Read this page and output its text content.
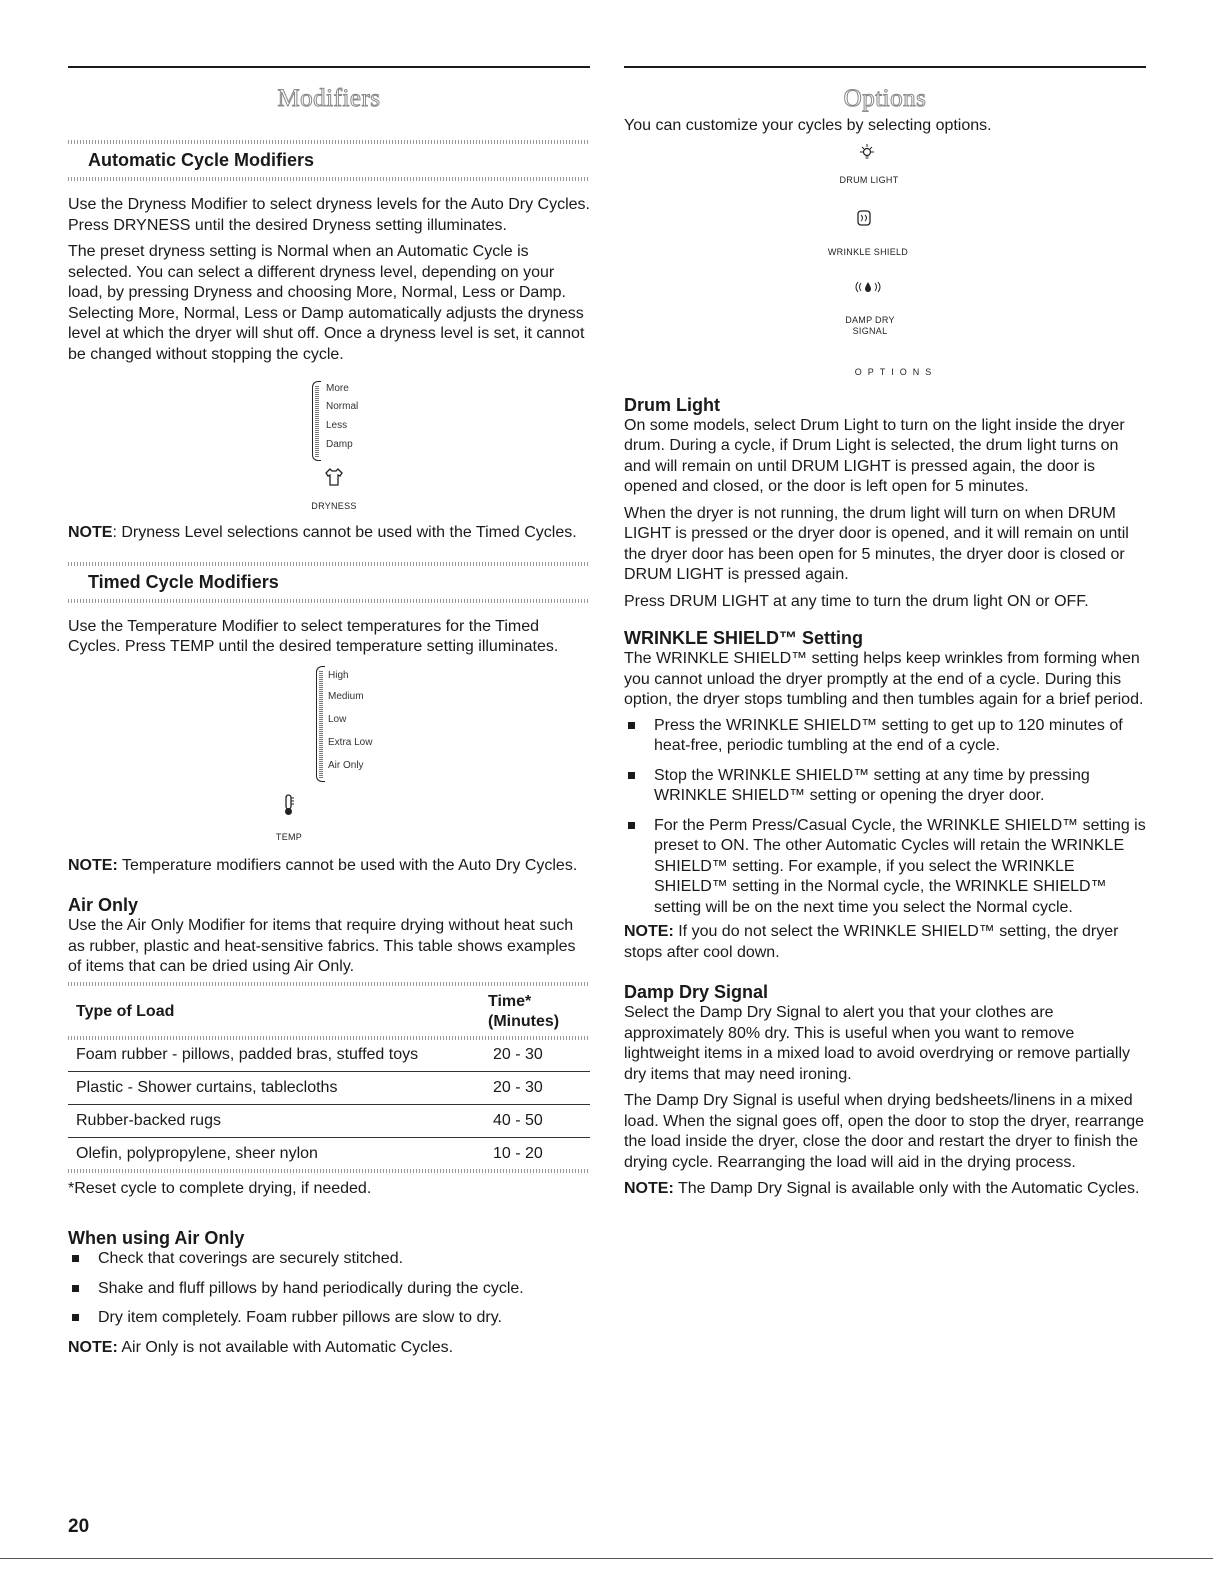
Modifiers
Automatic Cycle Modifiers

Use the Dryness Modifier to select dryness levels for the Auto Dry Cycles. Press DRYNESS until the desired Dryness setting illuminates.

The preset dryness setting is Normal when an Automatic Cycle is selected. You can select a different dryness level, depending on your load, by pressing Dryness and choosing More, Normal, Less or Damp. Selecting More, Normal, Less or Damp automatically adjusts the dryness level at which the dryer will shut off. Once a dryness level is set, it cannot be changed without stopping the cycle.

More
Normal
Less
Damp
DRYNESS

NOTE: Dryness Level selections cannot be used with the Timed Cycles.

Timed Cycle Modifiers

Use the Temperature Modifier to select temperatures for the Timed Cycles. Press TEMP until the desired temperature setting illuminates.

High
Medium
Low
Extra Low
Air Only
TEMP

NOTE: Temperature modifiers cannot be used with the Auto Dry Cycles.

Air Only

Use the Air Only Modifier for items that require drying without heat such as rubber, plastic and heat-sensitive fabrics. This table shows examples of items that can be dried using Air Only.

Type of Load	Time*
(Minutes)
Foam rubber - pillows, padded bras, stuffed toys	20 - 30
Plastic - Shower curtains, tablecloths	20 - 30
Rubber-backed rugs	40 - 50
Olefin, polypropylene, sheer nylon	10 - 20

*Reset cycle to complete drying, if needed.

When using Air Only
Check that coverings are securely stitched.
Shake and fluff pillows by hand periodically during the cycle.
Dry item completely. Foam rubber pillows are slow to dry.

NOTE: Air Only is not available with Automatic Cycles.

Options

You can customize your cycles by selecting options.

DRUM LIGHT
WRINKLE SHIELD
DAMP DRY
SIGNAL
OPTIONS
Drum Light

On some models, select Drum Light to turn on the light inside the dryer drum. During a cycle, if Drum Light is selected, the drum light turns on and will remain on until DRUM LIGHT is pressed again, the door is opened and closed, or the door is left open for 5 minutes.

When the dryer is not running, the drum light will turn on when DRUM LIGHT is pressed or the dryer door is opened, and it will remain on until the dryer door has been open for 5 minutes, the dryer door is closed or DRUM LIGHT is pressed again.

Press DRUM LIGHT at any time to turn the drum light ON or OFF.

WRINKLE SHIELD™ Setting

The WRINKLE SHIELD™ setting helps keep wrinkles from forming when you cannot unload the dryer promptly at the end of a cycle. During this option, the dryer stops tumbling and then tumbles again for a brief period.

Press the WRINKLE SHIELD™ setting to get up to 120 minutes of heat-free, periodic tumbling at the end of a cycle.
Stop the WRINKLE SHIELD™ setting at any time by pressing WRINKLE SHIELD™ setting or opening the dryer door.
For the Perm Press/Casual Cycle, the WRINKLE SHIELD™ setting is preset to ON. The other Automatic Cycles will retain the WRINKLE SHIELD™ setting. For example, if you select the WRINKLE SHIELD™ setting in the Normal cycle, the WRINKLE SHIELD™ setting will be on the next time you select the Normal cycle.

NOTE: If you do not select the WRINKLE SHIELD™ setting, the dryer stops after cool down.

Damp Dry Signal

Select the Damp Dry Signal to alert you that your clothes are approximately 80% dry. This is useful when you want to remove lightweight items in a mixed load to avoid overdrying or remove partially dry items that may need ironing.

The Damp Dry Signal is useful when drying bedsheets/linens in a mixed load. When the signal goes off, open the door to stop the dryer, rearrange the load inside the dryer, close the door and restart the dryer to finish the drying cycle. Rearranging the load will aid in the drying process.

NOTE: The Damp Dry Signal is available only with the Automatic Cycles.

20
